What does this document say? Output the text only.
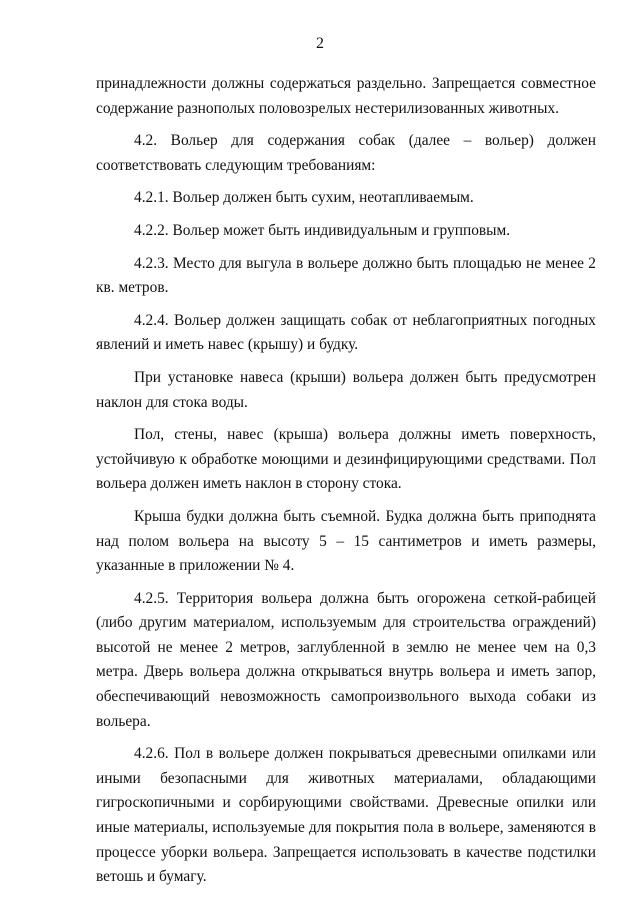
2

принадлежности должны содержаться раздельно. Запрещается совместное содержание разнополых половозрелых нестерилизованных животных.

4.2. Вольер для содержания собак (далее – вольер) должен соответствовать следующим требованиям:

4.2.1. Вольер должен быть сухим, неотапливаемым.

4.2.2. Вольер может быть индивидуальным и групповым.

4.2.3. Место для выгула в вольере должно быть площадью не менее 2 кв. метров.

4.2.4. Вольер должен защищать собак от неблагоприятных погодных явлений и иметь навес (крышу) и будку.

При установке навеса (крыши) вольера должен быть предусмотрен наклон для стока воды.

Пол, стены, навес (крыша) вольера должны иметь поверхность, устойчивую к обработке моющими и дезинфицирующими средствами. Пол вольера должен иметь наклон в сторону стока.

Крыша будки должна быть съемной. Будка должна быть приподнята над полом вольера на высоту 5 – 15 сантиметров и иметь размеры, указанные в приложении № 4.

4.2.5. Территория вольера должна быть огорожена сеткой-рабицей (либо другим материалом, используемым для строительства ограждений) высотой не менее 2 метров, заглубленной в землю не менее чем на 0,3 метра. Дверь вольера должна открываться внутрь вольера и иметь запор, обеспечивающий невозможность самопроизвольного выхода собаки из вольера.

4.2.6. Пол в вольере должен покрываться древесными опилками или иными безопасными для животных материалами, обладающими гигроскопичными и сорбирующими свойствами. Древесные опилки или иные материалы, используемые для покрытия пола в вольере, заменяются в процессе уборки вольера. Запрещается использовать в качестве подстилки ветошь и бумагу.
